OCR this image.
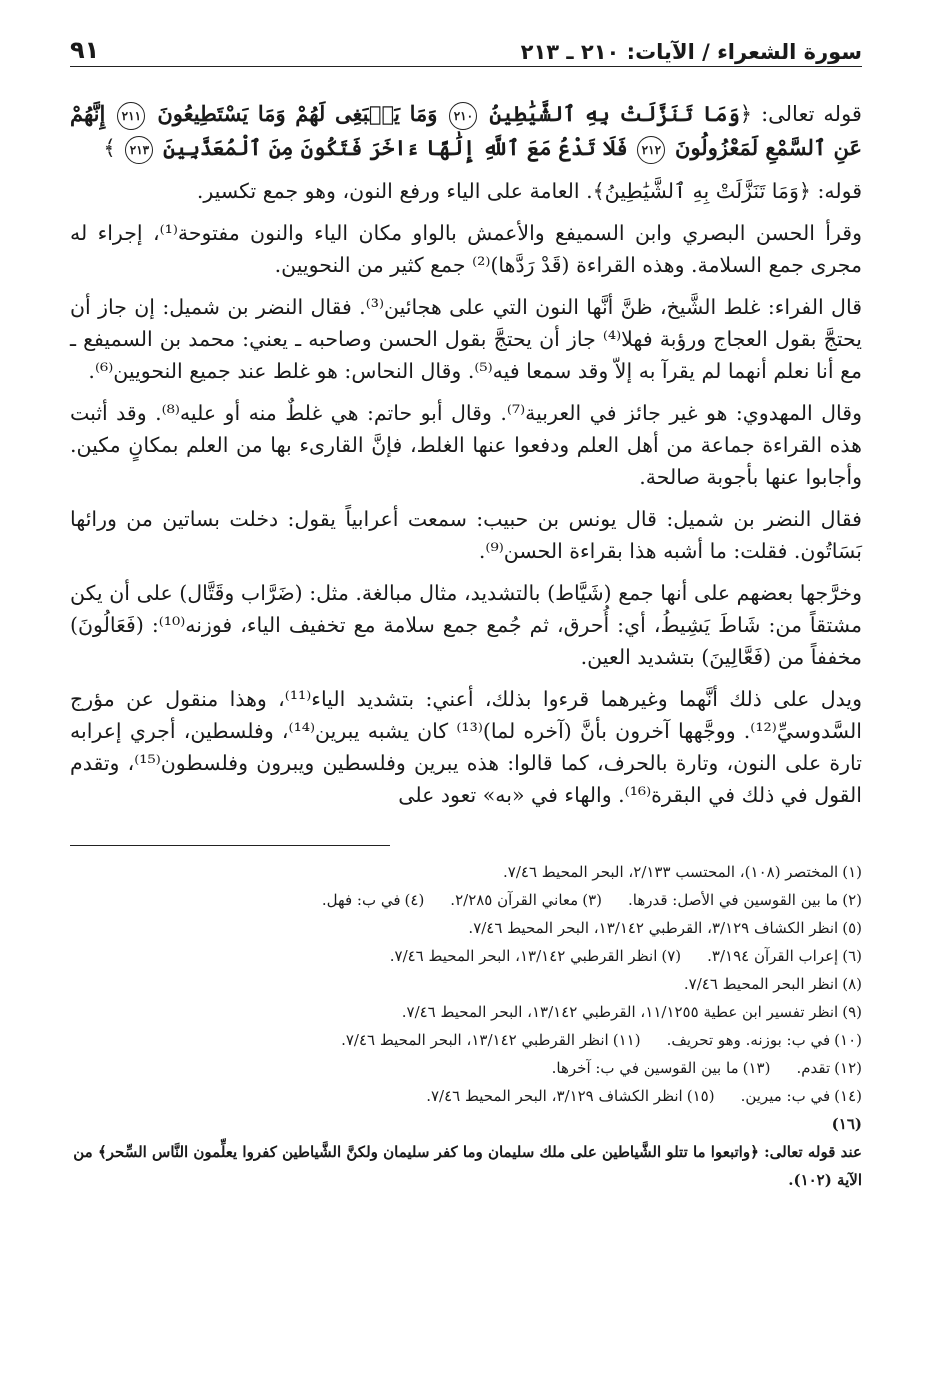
سورة الشعراء / الآيات: ٢١٠ ـ ٢١٣
٩١

قوله تعالى: ﴿وَمَا تَنَزَّلَتْ بِهِ ٱلشَّيَٰطِينُ ٢١٠ وَمَا يَنۢبَغِى لَهُمْ وَمَا يَسْتَطِيعُونَ ٢١١ إِنَّهُمْ عَنِ ٱلسَّمْعِ لَمَعْزُولُونَ ٢١٢ فَلَا تَدْعُ مَعَ ٱللَّهِ إِلَٰهًا ءَاخَرَ فَتَكُونَ مِنَ ٱلْمُعَذَّبِينَ ٢١٣ ﴾

قوله: ﴿وَمَا تَنَزَّلَتْ بِهِ ٱلشَّيَٰطِينُ﴾. العامة على الياء ورفع النون، وهو جمع تكسير.

وقرأ الحسن البصري وابن السميفع والأعمش بالواو مكان الياء والنون مفتوحة⁽¹⁾، إجراء له مجرى جمع السلامة. وهذه القراءة (قَدْ رَدَّها)⁽²⁾ جمع كثير من النحويين.

قال الفراء: غلط الشَّيخ، ظنَّ أنَّها النون التي على هجائين⁽³⁾. فقال النضر بن شميل: إن جاز أن يحتجَّ بقول العجاج ورؤبة فهلا⁽⁴⁾ جاز أن يحتجَّ بقول الحسن وصاحبه ـ يعني: محمد بن السميفع ـ مع أنا نعلم أنهما لم يقرآ به إلاّ وقد سمعا فيه⁽⁵⁾. وقال النحاس: هو غلط عند جميع النحويين⁽⁶⁾.

وقال المهدوي: هو غير جائز في العربية⁽⁷⁾. وقال أبو حاتم: هي غلطٌ منه أو عليه⁽⁸⁾. وقد أثبت هذه القراءة جماعة من أهل العلم ودفعوا عنها الغلط، فإنَّ القارىء بها من العلم بمكانٍ مكين. وأجابوا عنها بأجوبة صالحة.

فقال النضر بن شميل: قال يونس بن حبيب: سمعت أعرابياً يقول: دخلت بساتين من ورائها بَسَاتُون. فقلت: ما أشبه هذا بقراءة الحسن⁽⁹⁾.

وخرَّجها بعضهم على أنها جمع (شَيَّاط) بالتشديد، مثال مبالغة. مثل: (ضَرَّاب وقَتَّال) على أن يكن مشتقاً من: شَاطَ يَشِيطُ، أي: أُحرق، ثم جُمع جمع سلامة مع تخفيف الياء، فوزنه⁽¹⁰⁾: (فَعَالُونَ) مخففاً من (فَعَّالِينَ) بتشديد العين.

ويدل على ذلك أنَّهما وغيرهما قرءوا بذلك، أعني: بتشديد الياء⁽¹¹⁾، وهذا منقول عن مؤرج السَّدوسيِّ⁽¹²⁾. ووجَّهها آخرون بأنَّ (آخره لما)⁽¹³⁾ كان يشبه يبرين⁽¹⁴⁾، وفلسطين، أجري إعرابه تارة على النون، وتارة بالحرف، كما قالوا: هذه يبرين وفلسطين ويبرون وفلسطون⁽¹⁵⁾، وتقدم القول في ذلك في البقرة⁽¹⁶⁾. والهاء في «به» تعود على

(١)المختصر (١٠٨)، المحتسب ٢/١٣٣، البحر المحيط ٧/٤٦.
(٢)ما بين القوسين في الأصل: قدرها.
(٣)معاني القرآن ٢/٢٨٥.
(٤)في ب: فهل.
(٥)انظر الكشاف ٣/١٢٩، القرطبي ١٣/١٤٢، البحر المحيط ٧/٤٦.
(٦)إعراب القرآن ٣/١٩٤.
(٧)انظر القرطبي ١٣/١٤٢، البحر المحيط ٧/٤٦.
(٨)انظر البحر المحيط ٧/٤٦.
(٩)انظر تفسير ابن عطية ١١/١٢٥٥، القرطبي ١٣/١٤٢، البحر المحيط ٧/٤٦.
(١٠)في ب: بوزنه. وهو تحريف.
(١١)انظر القرطبي ١٣/١٤٢، البحر المحيط ٧/٤٦.
(١٢)تقدم.
(١٣)ما بين القوسين في ب: آخرها.
(١٤)في ب: ميرين.
(١٥)انظر الكشاف ٣/١٢٩، البحر المحيط ٧/٤٦.
(١٦)
عند قوله تعالى: ﴿واتبعوا ما تتلو الشَّياطين على ملك سليمان وما كفر سليمان ولكنَّ الشَّياطين كفروا يعلِّمون النَّاس السِّحر﴾ من الآية (١٠٢).
